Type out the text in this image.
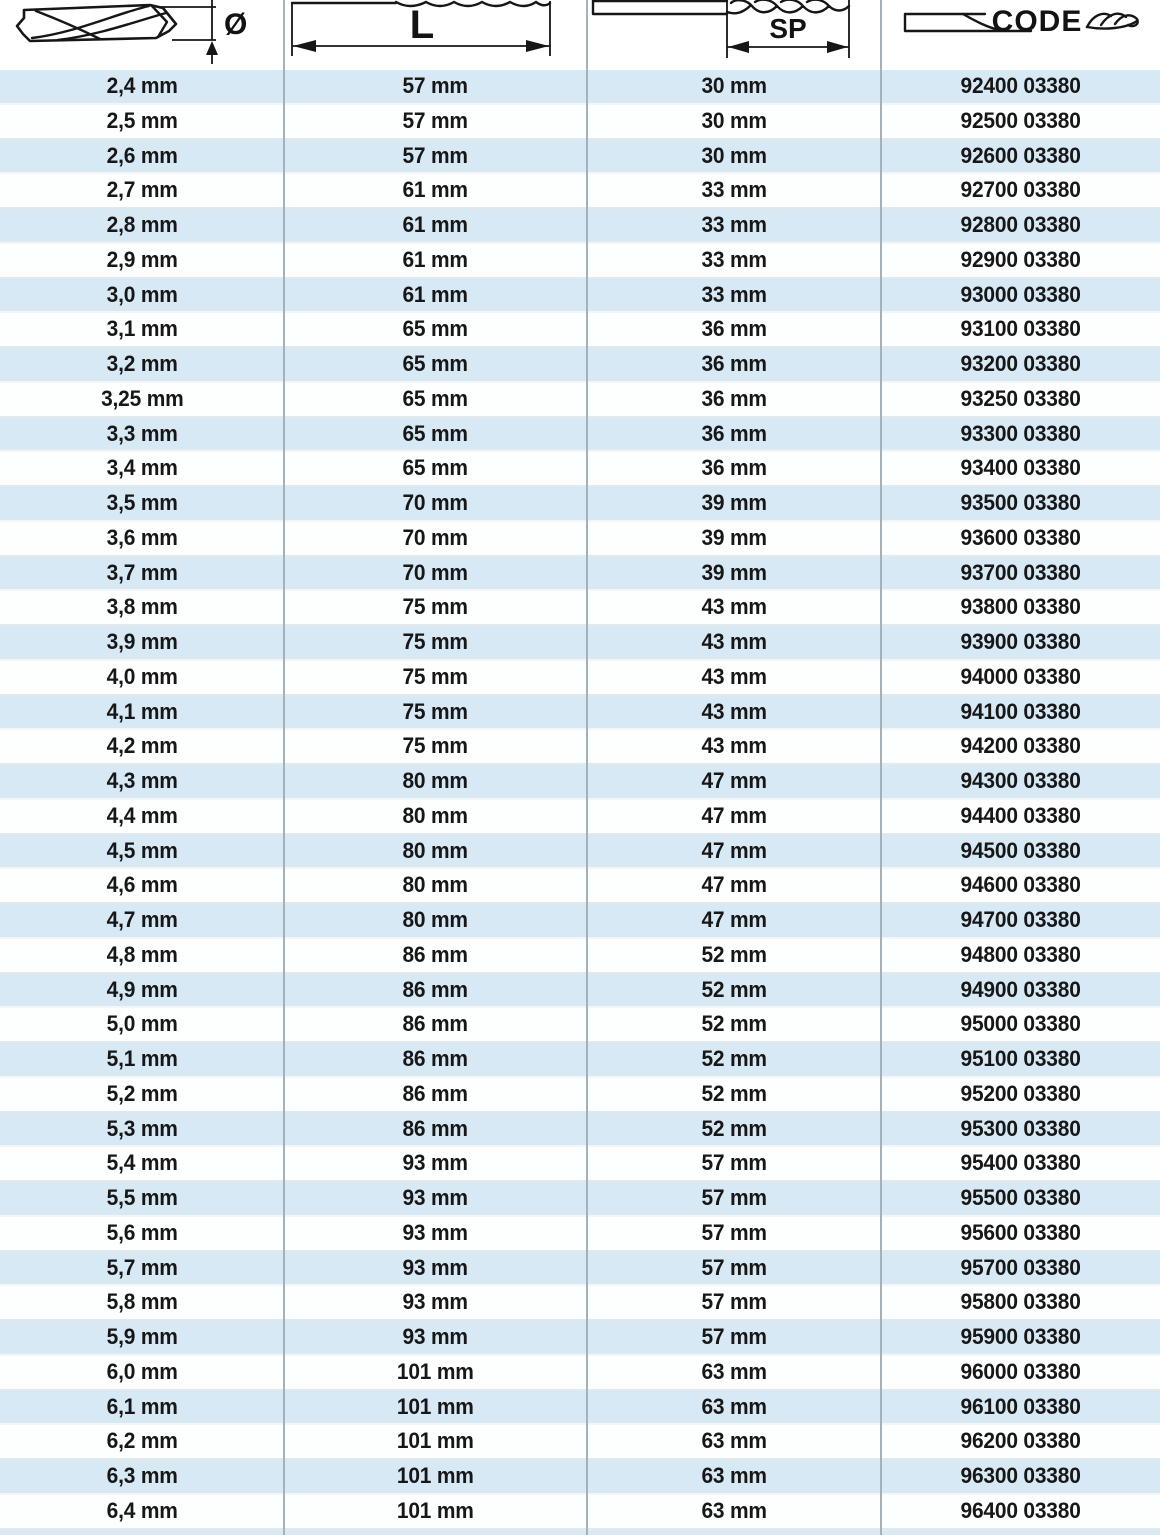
Ø	L	SP	CODE
2,4 mm	57 mm	30 mm	92400 03380
2,5 mm	57 mm	30 mm	92500 03380
2,6 mm	57 mm	30 mm	92600 03380
2,7 mm	61 mm	33 mm	92700 03380
2,8 mm	61 mm	33 mm	92800 03380
2,9 mm	61 mm	33 mm	92900 03380
3,0 mm	61 mm	33 mm	93000 03380
3,1 mm	65 mm	36 mm	93100 03380
3,2 mm	65 mm	36 mm	93200 03380
3,25 mm	65 mm	36 mm	93250 03380
3,3 mm	65 mm	36 mm	93300 03380
3,4 mm	65 mm	36 mm	93400 03380
3,5 mm	70 mm	39 mm	93500 03380
3,6 mm	70 mm	39 mm	93600 03380
3,7 mm	70 mm	39 mm	93700 03380
3,8 mm	75 mm	43 mm	93800 03380
3,9 mm	75 mm	43 mm	93900 03380
4,0 mm	75 mm	43 mm	94000 03380
4,1 mm	75 mm	43 mm	94100 03380
4,2 mm	75 mm	43 mm	94200 03380
4,3 mm	80 mm	47 mm	94300 03380
4,4 mm	80 mm	47 mm	94400 03380
4,5 mm	80 mm	47 mm	94500 03380
4,6 mm	80 mm	47 mm	94600 03380
4,7 mm	80 mm	47 mm	94700 03380
4,8 mm	86 mm	52 mm	94800 03380
4,9 mm	86 mm	52 mm	94900 03380
5,0 mm	86 mm	52 mm	95000 03380
5,1 mm	86 mm	52 mm	95100 03380
5,2 mm	86 mm	52 mm	95200 03380
5,3 mm	86 mm	52 mm	95300 03380
5,4 mm	93 mm	57 mm	95400 03380
5,5 mm	93 mm	57 mm	95500 03380
5,6 mm	93 mm	57 mm	95600 03380
5,7 mm	93 mm	57 mm	95700 03380
5,8 mm	93 mm	57 mm	95800 03380
5,9 mm	93 mm	57 mm	95900 03380
6,0 mm	101 mm	63 mm	96000 03380
6,1 mm	101 mm	63 mm	96100 03380
6,2 mm	101 mm	63 mm	96200 03380
6,3 mm	101 mm	63 mm	96300 03380
6,4 mm	101 mm	63 mm	96400 03380
